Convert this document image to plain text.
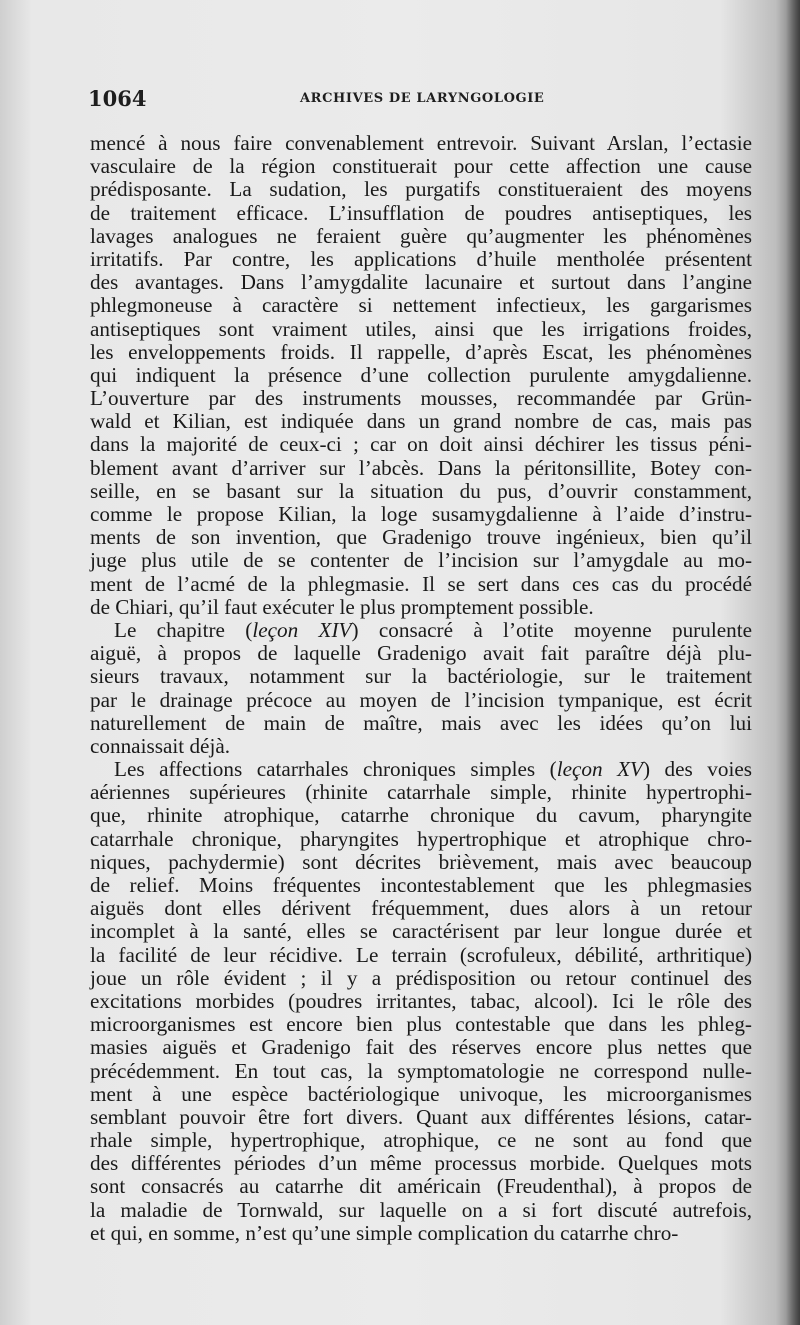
1064	ARCHIVES DE LARYNGOLOGIE
mencé à nous faire convenablement entrevoir. Suivant Arslan, l’ectasie
vasculaire de la région constituerait pour cette affection une cause
prédisposante. La sudation, les purgatifs constitueraient des moyens
de traitement efficace. L’insufflation de poudres antiseptiques, les
lavages analogues ne feraient guère qu’augmenter les phénomènes
irritatifs. Par contre, les applications d’huile mentholée présentent
des avantages. Dans l’amygdalite lacunaire et surtout dans l’angine
phlegmoneuse à caractère si nettement infectieux, les gargarismes
antiseptiques sont vraiment utiles, ainsi que les irrigations froides,
les enveloppements froids. Il rappelle, d’après Escat, les phénomènes
qui indiquent la présence d’une collection purulente amygdalienne.
L’ouverture par des instruments mousses, recommandée par Grün-
wald et Kilian, est indiquée dans un grand nombre de cas, mais pas
dans la majorité de ceux-ci ; car on doit ainsi déchirer les tissus péni-
blement avant d’arriver sur l’abcès. Dans la péritonsillite, Botey con-
seille, en se basant sur la situation du pus, d’ouvrir constamment,
comme le propose Kilian, la loge susamygdalienne à l’aide d’instru-
ments de son invention, que Gradenigo trouve ingénieux, bien qu’il
juge plus utile de se contenter de l’incision sur l’amygdale au mo-
ment de l’acmé de la phlegmasie. Il se sert dans ces cas du procédé
de Chiari, qu’il faut exécuter le plus promptement possible.
Le chapitre (leçon XIV) consacré à l’otite moyenne purulente
aiguë, à propos de laquelle Gradenigo avait fait paraître déjà plu-
sieurs travaux, notamment sur la bactériologie, sur le traitement
par le drainage précoce au moyen de l’incision tympanique, est écrit
naturellement de main de maître, mais avec les idées qu’on lui
connaissait déjà.
Les affections catarrhales chroniques simples (leçon XV) des voies
aériennes supérieures (rhinite catarrhale simple, rhinite hypertrophi-
que, rhinite atrophique, catarrhe chronique du cavum, pharyngite
catarrhale chronique, pharyngites hypertrophique et atrophique chro-
niques, pachydermie) sont décrites brièvement, mais avec beaucoup
de relief. Moins fréquentes incontestablement que les phlegmasies
aiguës dont elles dérivent fréquemment, dues alors à un retour
incomplet à la santé, elles se caractérisent par leur longue durée et
la facilité de leur récidive. Le terrain (scrofuleux, débilité, arthritique)
joue un rôle évident ; il y a prédisposition ou retour continuel des
excitations morbides (poudres irritantes, tabac, alcool). Ici le rôle des
microorganismes est encore bien plus contestable que dans les phleg-
masies aiguës et Gradenigo fait des réserves encore plus nettes que
précédemment. En tout cas, la symptomatologie ne correspond nulle-
ment à une espèce bactériologique univoque, les microorganismes
semblant pouvoir être fort divers. Quant aux différentes lésions, catar-
rhale simple, hypertrophique, atrophique, ce ne sont au fond que
des différentes périodes d’un même processus morbide. Quelques mots
sont consacrés au catarrhe dit américain (Freudenthal), à propos de
la maladie de Tornwald, sur laquelle on a si fort discuté autrefois,
et qui, en somme, n’est qu’une simple complication du catarrhe chro-
